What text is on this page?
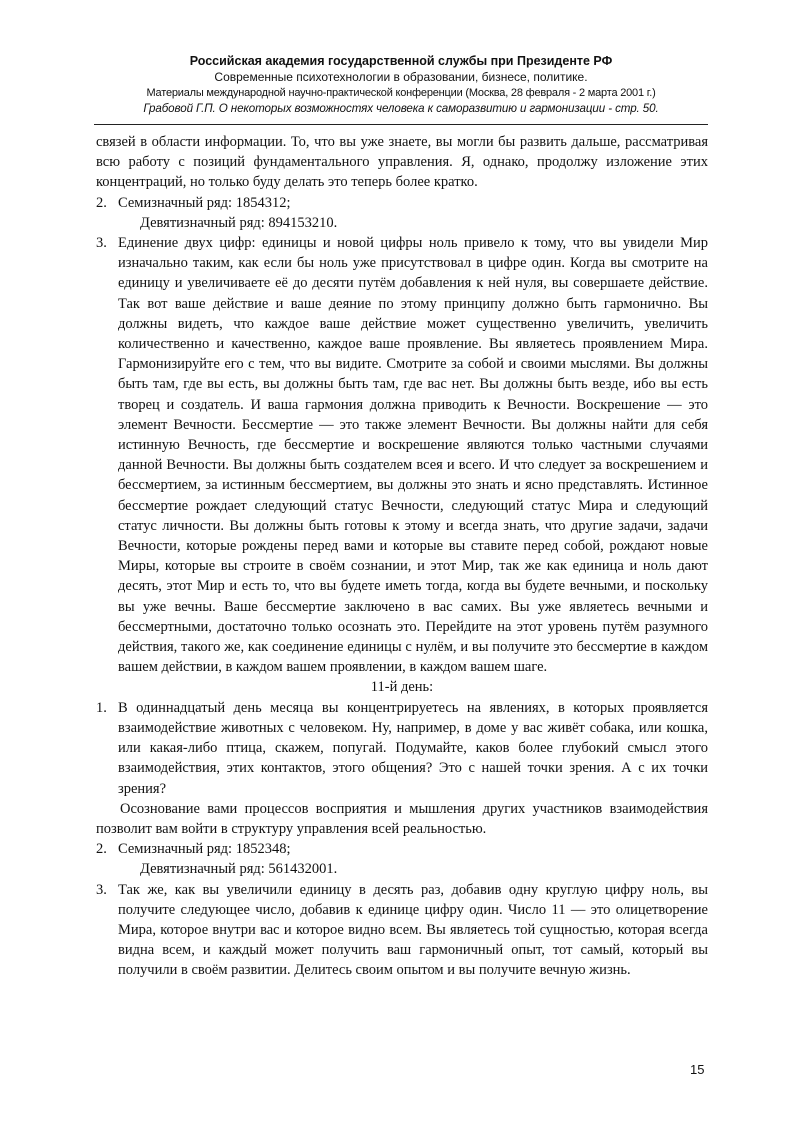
Российская академия государственной службы при Президенте РФ
Современные психотехнологии в образовании, бизнесе, политике.
Материалы международной научно-практической конференции (Москва, 28 февраля - 2 марта 2001 г.)
Грабовой Г.П. О некоторых возможностях человека к саморазвитию и гармонизации - стр. 50.

связей в области информации. То, что вы уже знаете, вы могли бы развить дальше, рассматривая всю работу с позиций фундаментального управления. Я, однако, продолжу изложение этих концентраций, но только буду делать это теперь более кратко.

2. Семизначный ряд: 1854312;
Девятизначный ряд: 894153210.
3. Единение двух цифр: единицы и новой цифры ноль привело к тому, что вы увидели Мир изначально таким, как если бы ноль уже присутствовал в цифре один. Когда вы смотрите на единицу и увеличиваете её до десяти путём добавления к ней нуля, вы совершаете действие. Так вот ваше действие и ваше деяние по этому принципу должно быть гармонично. Вы должны видеть, что каждое ваше действие может существенно увеличить, увеличить количественно и качественно, каждое ваше проявление. Вы являетесь проявлением Мира. Гармонизируйте его с тем, что вы видите. Смотрите за собой и своими мыслями. Вы должны быть там, где вы есть, вы должны быть там, где вас нет. Вы должны быть везде, ибо вы есть творец и создатель. И ваша гармония должна приводить к Вечности. Воскрешение — это элемент Вечности. Бессмертие — это также элемент Вечности. Вы должны найти для себя истинную Вечность, где бессмертие и воскрешение являются только частными случаями данной Вечности. Вы должны быть создателем всея и всего. И что следует за воскрешением и бессмертием, за истинным бессмертием, вы должны это знать и ясно представлять. Истинное бессмертие рождает следующий статус Вечности, следующий статус Мира и следующий статус личности. Вы должны быть готовы к этому и всегда знать, что другие задачи, задачи Вечности, которые рождены перед вами и которые вы ставите перед собой, рождают новые Миры, которые вы строите в своём сознании, и этот Мир, так же как единица и ноль дают десять, этот Мир и есть то, что вы будете иметь тогда, когда вы будете вечными, и поскольку вы уже вечны. Ваше бессмертие заключено в вас самих. Вы уже являетесь вечными и бессмертными, достаточно только осознать это. Перейдите на этот уровень путём разумного действия, такого же, как соединение единицы с нулём, и вы получите это бессмертие в каждом вашем действии, в каждом вашем проявлении, в каждом вашем шаге.

11-й день:

1. В одиннадцатый день месяца вы концентрируетесь на явлениях, в которых проявляется взаимодействие животных с человеком. Ну, например, в доме у вас живёт собака, или кошка, или какая-либо птица, скажем, попугай. Подумайте, каков более глубокий смысл этого взаимодействия, этих контактов, этого общения? Это с нашей точки зрения. А с их точки зрения?

Осознование вами процессов восприятия и мышления других участников взаимодействия позволит вам войти в структуру управления всей реальностью.

2. Семизначный ряд: 1852348;
Девятизначный ряд: 561432001.
3. Так же, как вы увеличили единицу в десять раз, добавив одну круглую цифру ноль, вы получите следующее число, добавив к единице цифру один. Число 11 — это олицетворение Мира, которое внутри вас и которое видно всем. Вы являетесь той сущностью, которая всегда видна всем, и каждый может получить ваш гармоничный опыт, тот самый, который вы получили в своём развитии. Делитесь своим опытом и вы получите вечную жизнь.
15
